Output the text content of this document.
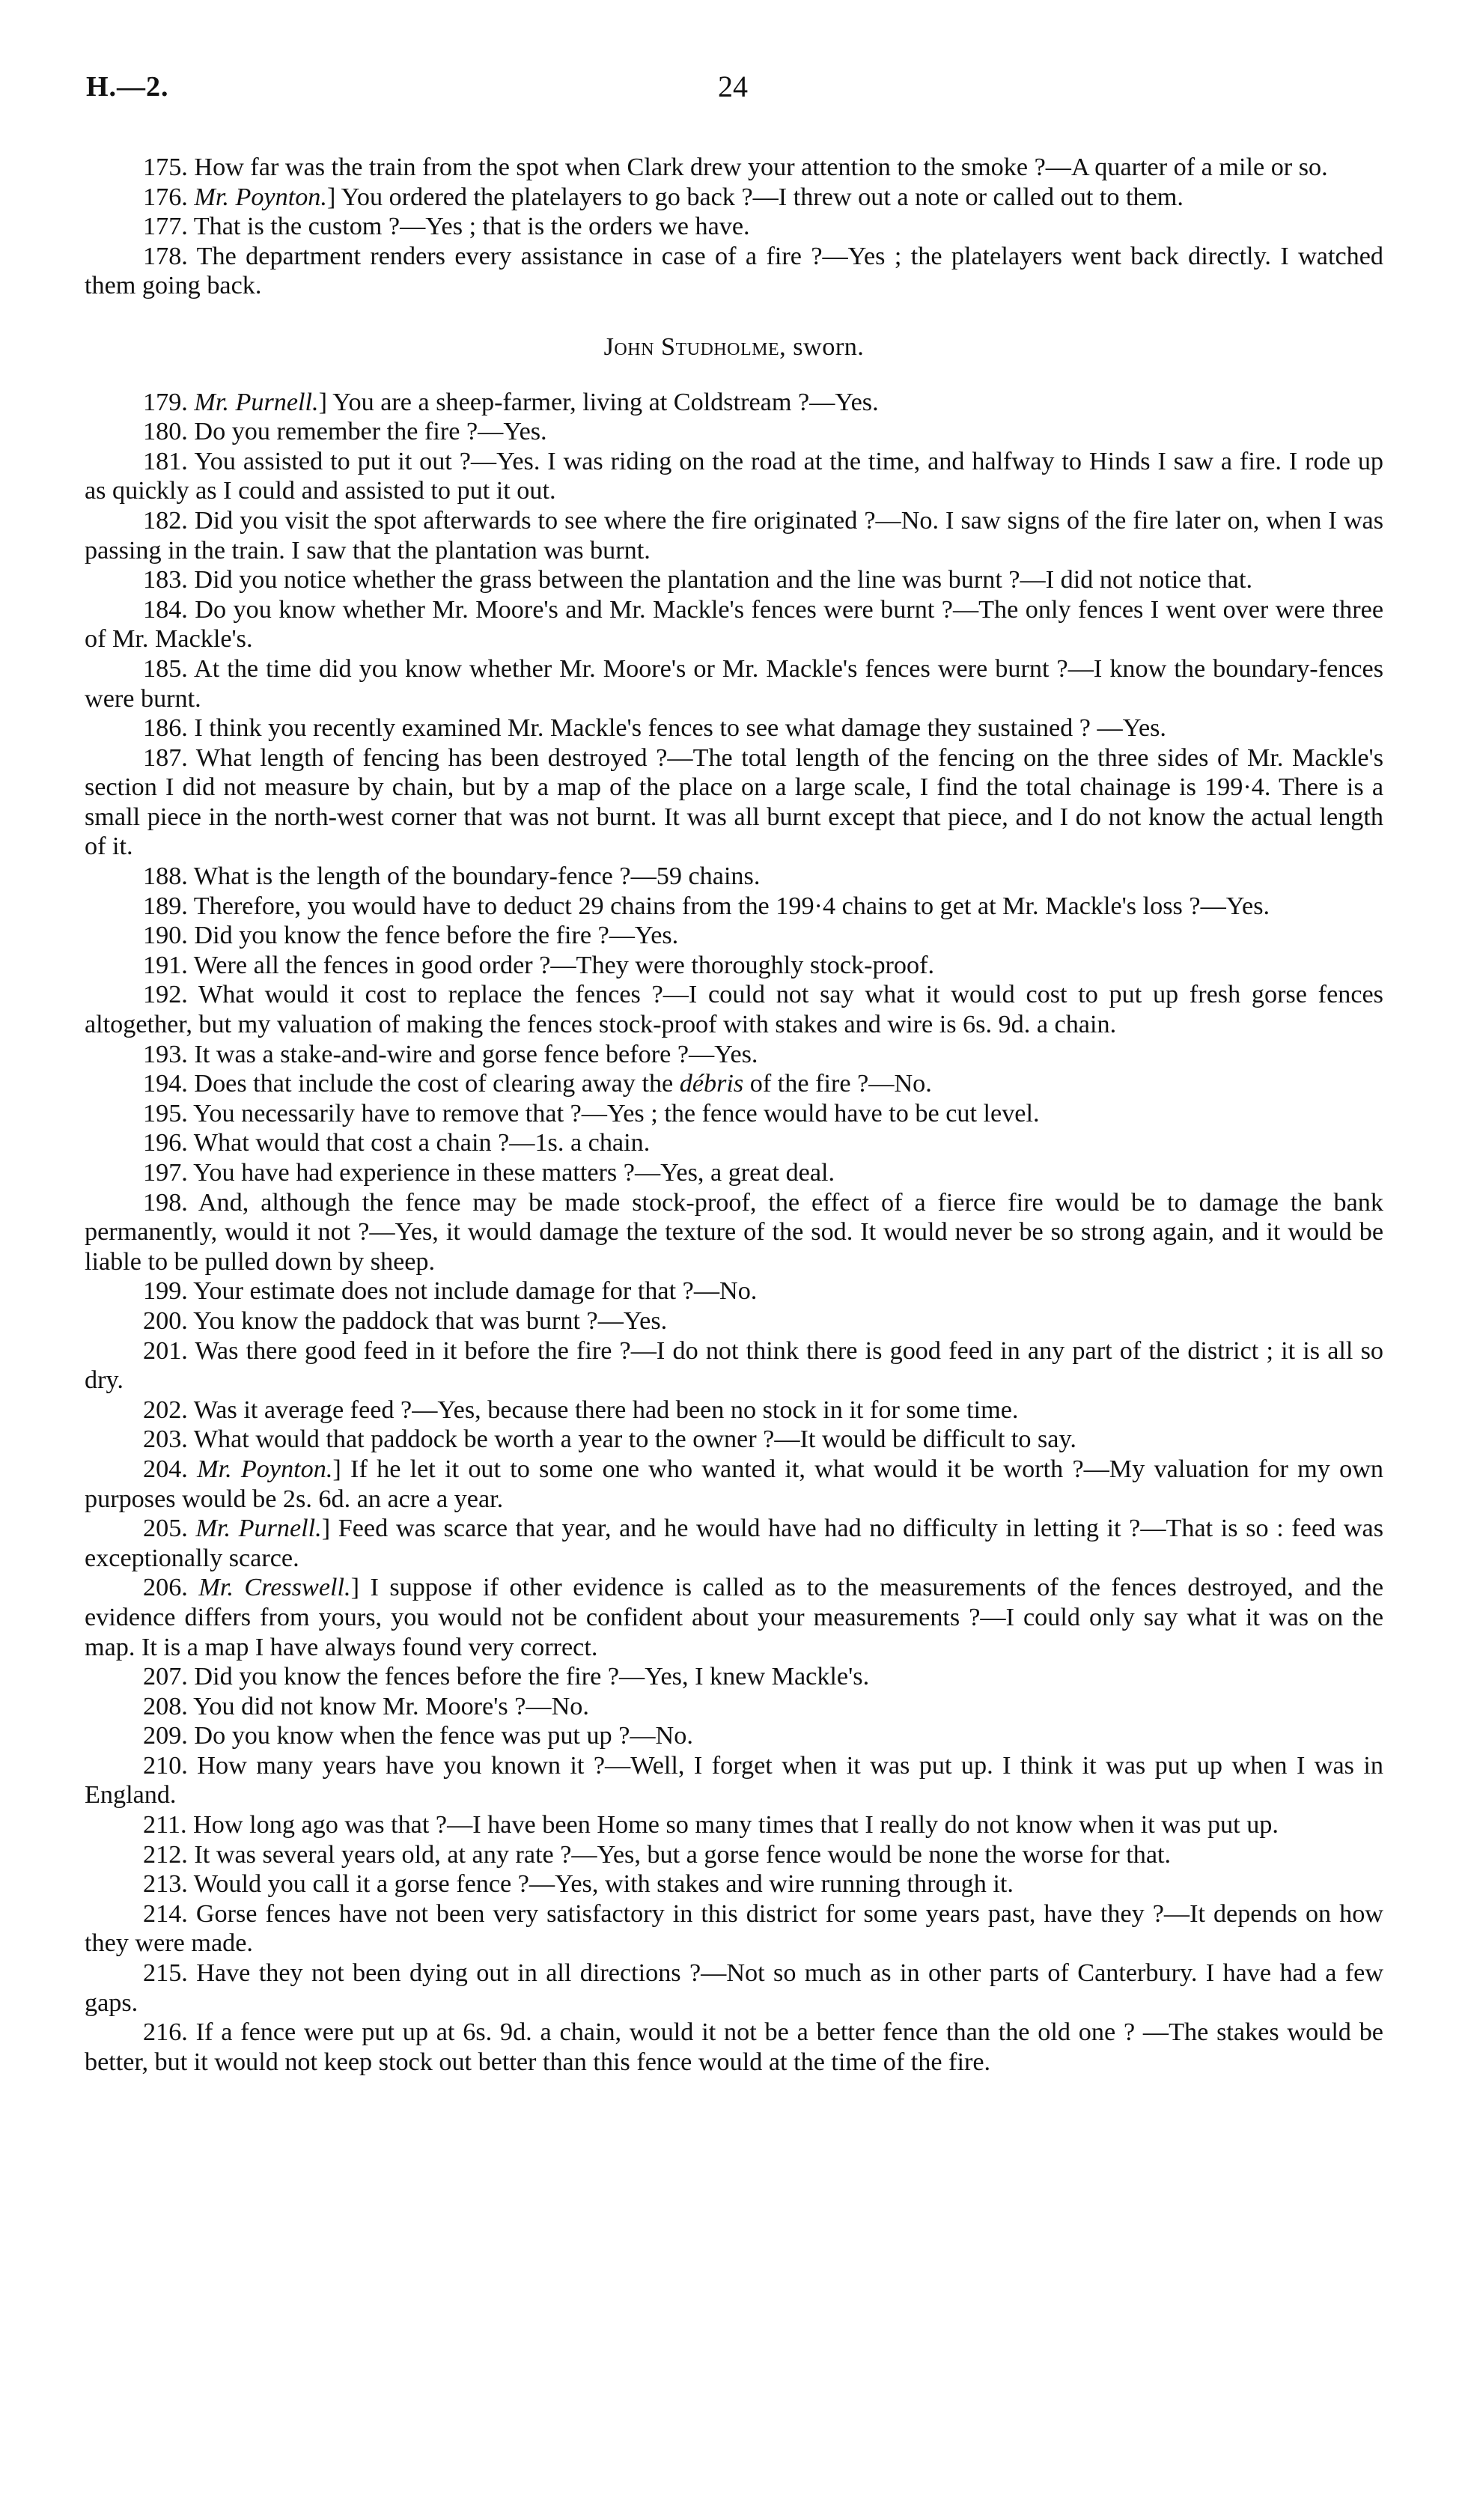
H.—2.	24

175. How far was the train from the spot when Clark drew your attention to the smoke ?—A quarter of a mile or so.

176. Mr. Poynton.] You ordered the platelayers to go back ?—I threw out a note or called out to them.

177. That is the custom ?—Yes ; that is the orders we have.

178. The department renders every assistance in case of a fire ?—Yes ; the platelayers went back directly. I watched them going back.

John Studholme, sworn.

179. Mr. Purnell.] You are a sheep-farmer, living at Coldstream ?—Yes.

180. Do you remember the fire ?—Yes.

181. You assisted to put it out ?—Yes. I was riding on the road at the time, and halfway to Hinds I saw a fire. I rode up as quickly as I could and assisted to put it out.

182. Did you visit the spot afterwards to see where the fire originated ?—No. I saw signs of the fire later on, when I was passing in the train. I saw that the plantation was burnt.

183. Did you notice whether the grass between the plantation and the line was burnt ?—I did not notice that.

184. Do you know whether Mr. Moore's and Mr. Mackle's fences were burnt ?—The only fences I went over were three of Mr. Mackle's.

185. At the time did you know whether Mr. Moore's or Mr. Mackle's fences were burnt ?—I know the boundary-fences were burnt.

186. I think you recently examined Mr. Mackle's fences to see what damage they sustained ? —Yes.

187. What length of fencing has been destroyed ?—The total length of the fencing on the three sides of Mr. Mackle's section I did not measure by chain, but by a map of the place on a large scale, I find the total chainage is 199·4. There is a small piece in the north-west corner that was not burnt. It was all burnt except that piece, and I do not know the actual length of it.

188. What is the length of the boundary-fence ?—59 chains.

189. Therefore, you would have to deduct 29 chains from the 199·4 chains to get at Mr. Mackle's loss ?—Yes.

190. Did you know the fence before the fire ?—Yes.

191. Were all the fences in good order ?—They were thoroughly stock-proof.

192. What would it cost to replace the fences ?—I could not say what it would cost to put up fresh gorse fences altogether, but my valuation of making the fences stock-proof with stakes and wire is 6s. 9d. a chain.

193. It was a stake-and-wire and gorse fence before ?—Yes.

194. Does that include the cost of clearing away the débris of the fire ?—No.

195. You necessarily have to remove that ?—Yes ; the fence would have to be cut level.

196. What would that cost a chain ?—1s. a chain.

197. You have had experience in these matters ?—Yes, a great deal.

198. And, although the fence may be made stock-proof, the effect of a fierce fire would be to damage the bank permanently, would it not ?—Yes, it would damage the texture of the sod. It would never be so strong again, and it would be liable to be pulled down by sheep.

199. Your estimate does not include damage for that ?—No.

200. You know the paddock that was burnt ?—Yes.

201. Was there good feed in it before the fire ?—I do not think there is good feed in any part of the district ; it is all so dry.

202. Was it average feed ?—Yes, because there had been no stock in it for some time.

203. What would that paddock be worth a year to the owner ?—It would be difficult to say.

204. Mr. Poynton.] If he let it out to some one who wanted it, what would it be worth ?—My valuation for my own purposes would be 2s. 6d. an acre a year.

205. Mr. Purnell.] Feed was scarce that year, and he would have had no difficulty in letting it ?—That is so : feed was exceptionally scarce.

206. Mr. Cresswell.] I suppose if other evidence is called as to the measurements of the fences destroyed, and the evidence differs from yours, you would not be confident about your measurements ?—I could only say what it was on the map. It is a map I have always found very correct.

207. Did you know the fences before the fire ?—Yes, I knew Mackle's.

208. You did not know Mr. Moore's ?—No.

209. Do you know when the fence was put up ?—No.

210. How many years have you known it ?—Well, I forget when it was put up. I think it was put up when I was in England.

211. How long ago was that ?—I have been Home so many times that I really do not know when it was put up.

212. It was several years old, at any rate ?—Yes, but a gorse fence would be none the worse for that.

213. Would you call it a gorse fence ?—Yes, with stakes and wire running through it.

214. Gorse fences have not been very satisfactory in this district for some years past, have they ?—It depends on how they were made.

215. Have they not been dying out in all directions ?—Not so much as in other parts of Canterbury. I have had a few gaps.

216. If a fence were put up at 6s. 9d. a chain, would it not be a better fence than the old one ? —The stakes would be better, but it would not keep stock out better than this fence would at the time of the fire.
